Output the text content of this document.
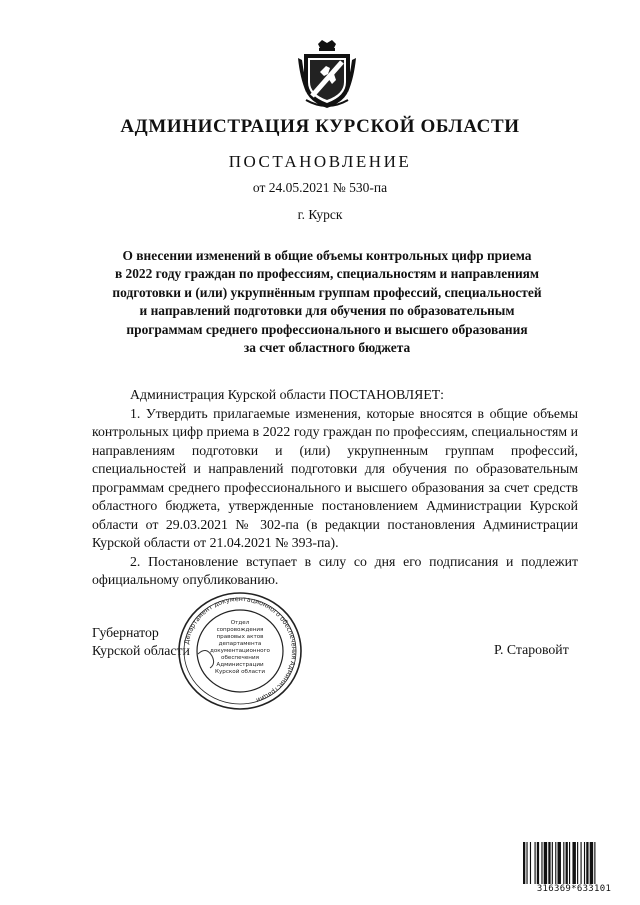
АДМИНИСТРАЦИЯ КУРСКОЙ ОБЛАСТИ
ПОСТАНОВЛЕНИЕ
от 24.05.2021 № 530-па
г. Курск
О внесении изменений в общие объемы контрольных цифр приема
в 2022 году граждан по профессиям, специальностям и направлениям
подготовки и (или) укрупнённым группам профессий, специальностей
и направлений подготовки для обучения по образовательным
программам среднего профессионального и высшего образования
за счет областного бюджета

Администрация Курской области ПОСТАНОВЛЯЕТ:

1. Утвердить прилагаемые изменения, которые вносятся в общие объемы контрольных цифр приема в 2022 году граждан по профессиям, специальностям и направлениям подготовки и (или) укрупненным группам профессий, специальностей и направлений подготовки для обучения по образовательным программам среднего профессионального и высшего образования за счет средств областного бюджета, утвержденные постановлением Администрации Курской области от 29.03.2021 № 302-па (в редакции постановления Администрации Курской области от 21.04.2021 № 393-па).

2. Постановление вступает в силу со дня его подписания и подлежит официальному опубликованию.

Губернатор
Курской области	Р. Старовойт
Департамент документационного обеспечения Администрации
Отдел
сопровождения
правовых актов
департамента
документационного
обеспечения
Администрации
Курской области
316369*633101
